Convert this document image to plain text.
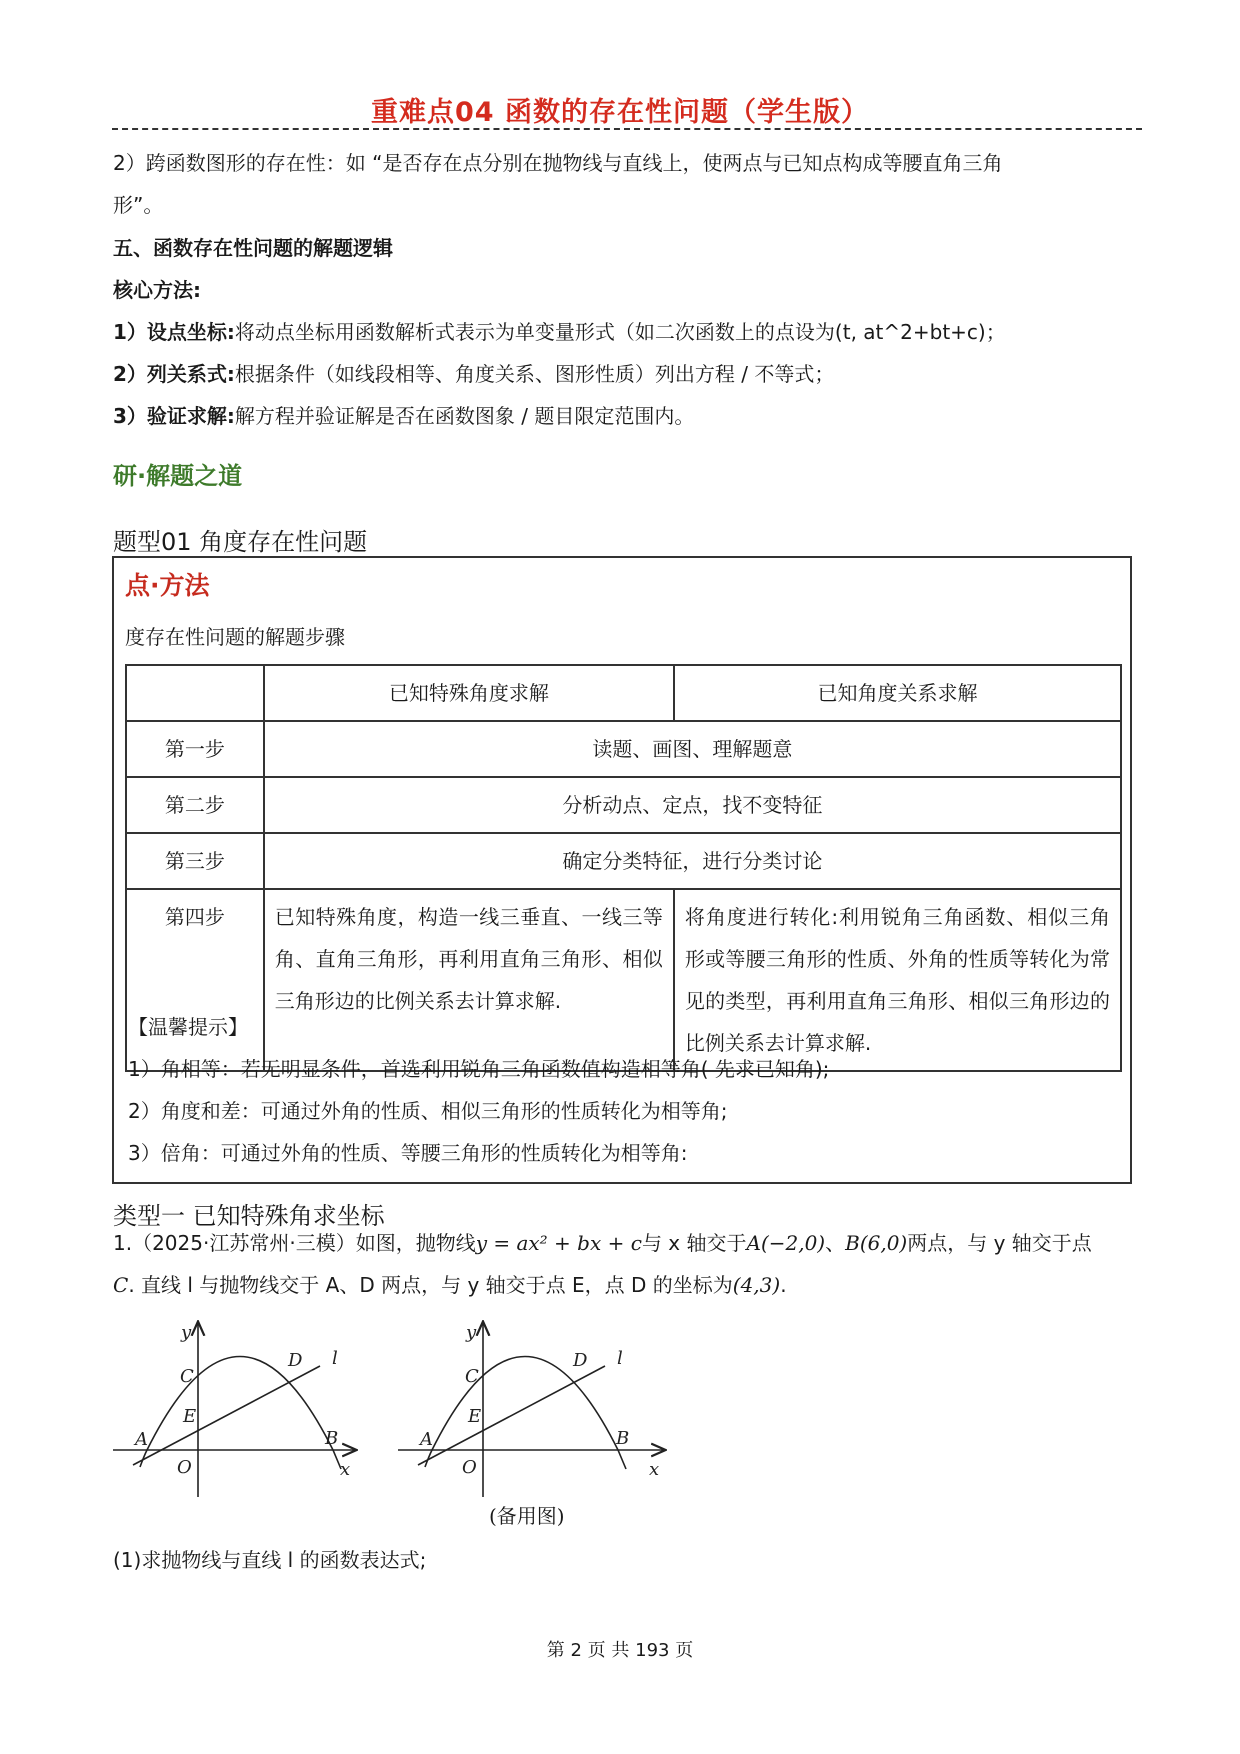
重难点04 函数的存在性问题（学生版）
2）跨函数图形的存在性：如 “是否存在点分别在抛物线与直线上，使两点与已知点构成等腰直角三角
形”。
五、函数存在性问题的解题逻辑
核心方法:
1）设点坐标:将动点坐标用函数解析式表示为单变量形式（如二次函数上的点设为(t, at^2+bt+c)；
2）列关系式:根据条件（如线段相等、角度关系、图形性质）列出方程 / 不等式；
3）验证求解:解方程并验证解是否在函数图象 / 题目限定范围内。
研·解题之道
题型01 角度存在性问题
点·方法
度存在性问题的解题步骤
	已知特殊角度求解	已知角度关系求解
第一步	读题、画图、理解题意	
第二步	分析动点、定点，找不变特征	
第三步	确定分类特征，进行分类讨论	
第四步	已知特殊角度，构造一线三垂直、一线三等角、直角三角形，再利用直角三角形、相似三角形边的比例关系去计算求解.	将角度进行转化:利用锐角三角函数、相似三角形或等腰三角形的性质、外角的性质等转化为常见的类型，再利用直角三角形、相似三角形边的比例关系去计算求解.
【温馨提示】
1）角相等：若无明显条件，首选利用锐角三角函数值构造相等角( 先求已知角);
2）角度和差：可通过外角的性质、相似三角形的性质转化为相等角;
3）倍角：可通过外角的性质、等腰三角形的性质转化为相等角:
类型一 已知特殊角求坐标
1.（2025·江苏常州·三模）如图，抛物线y = ax² + bx + c与 x 轴交于A(−2,0)、B(6,0)两点，与 y 轴交于点
C. 直线 l 与抛物线交于 A、D 两点，与 y 轴交于点 E，点 D 的坐标为(4,3).
y
x
O
A	B
C
E
D l
y
x
O
A	B
C
E
D l
(备用图)
(1)求抛物线与直线 l 的函数表达式;
第 2 页 共 193 页
